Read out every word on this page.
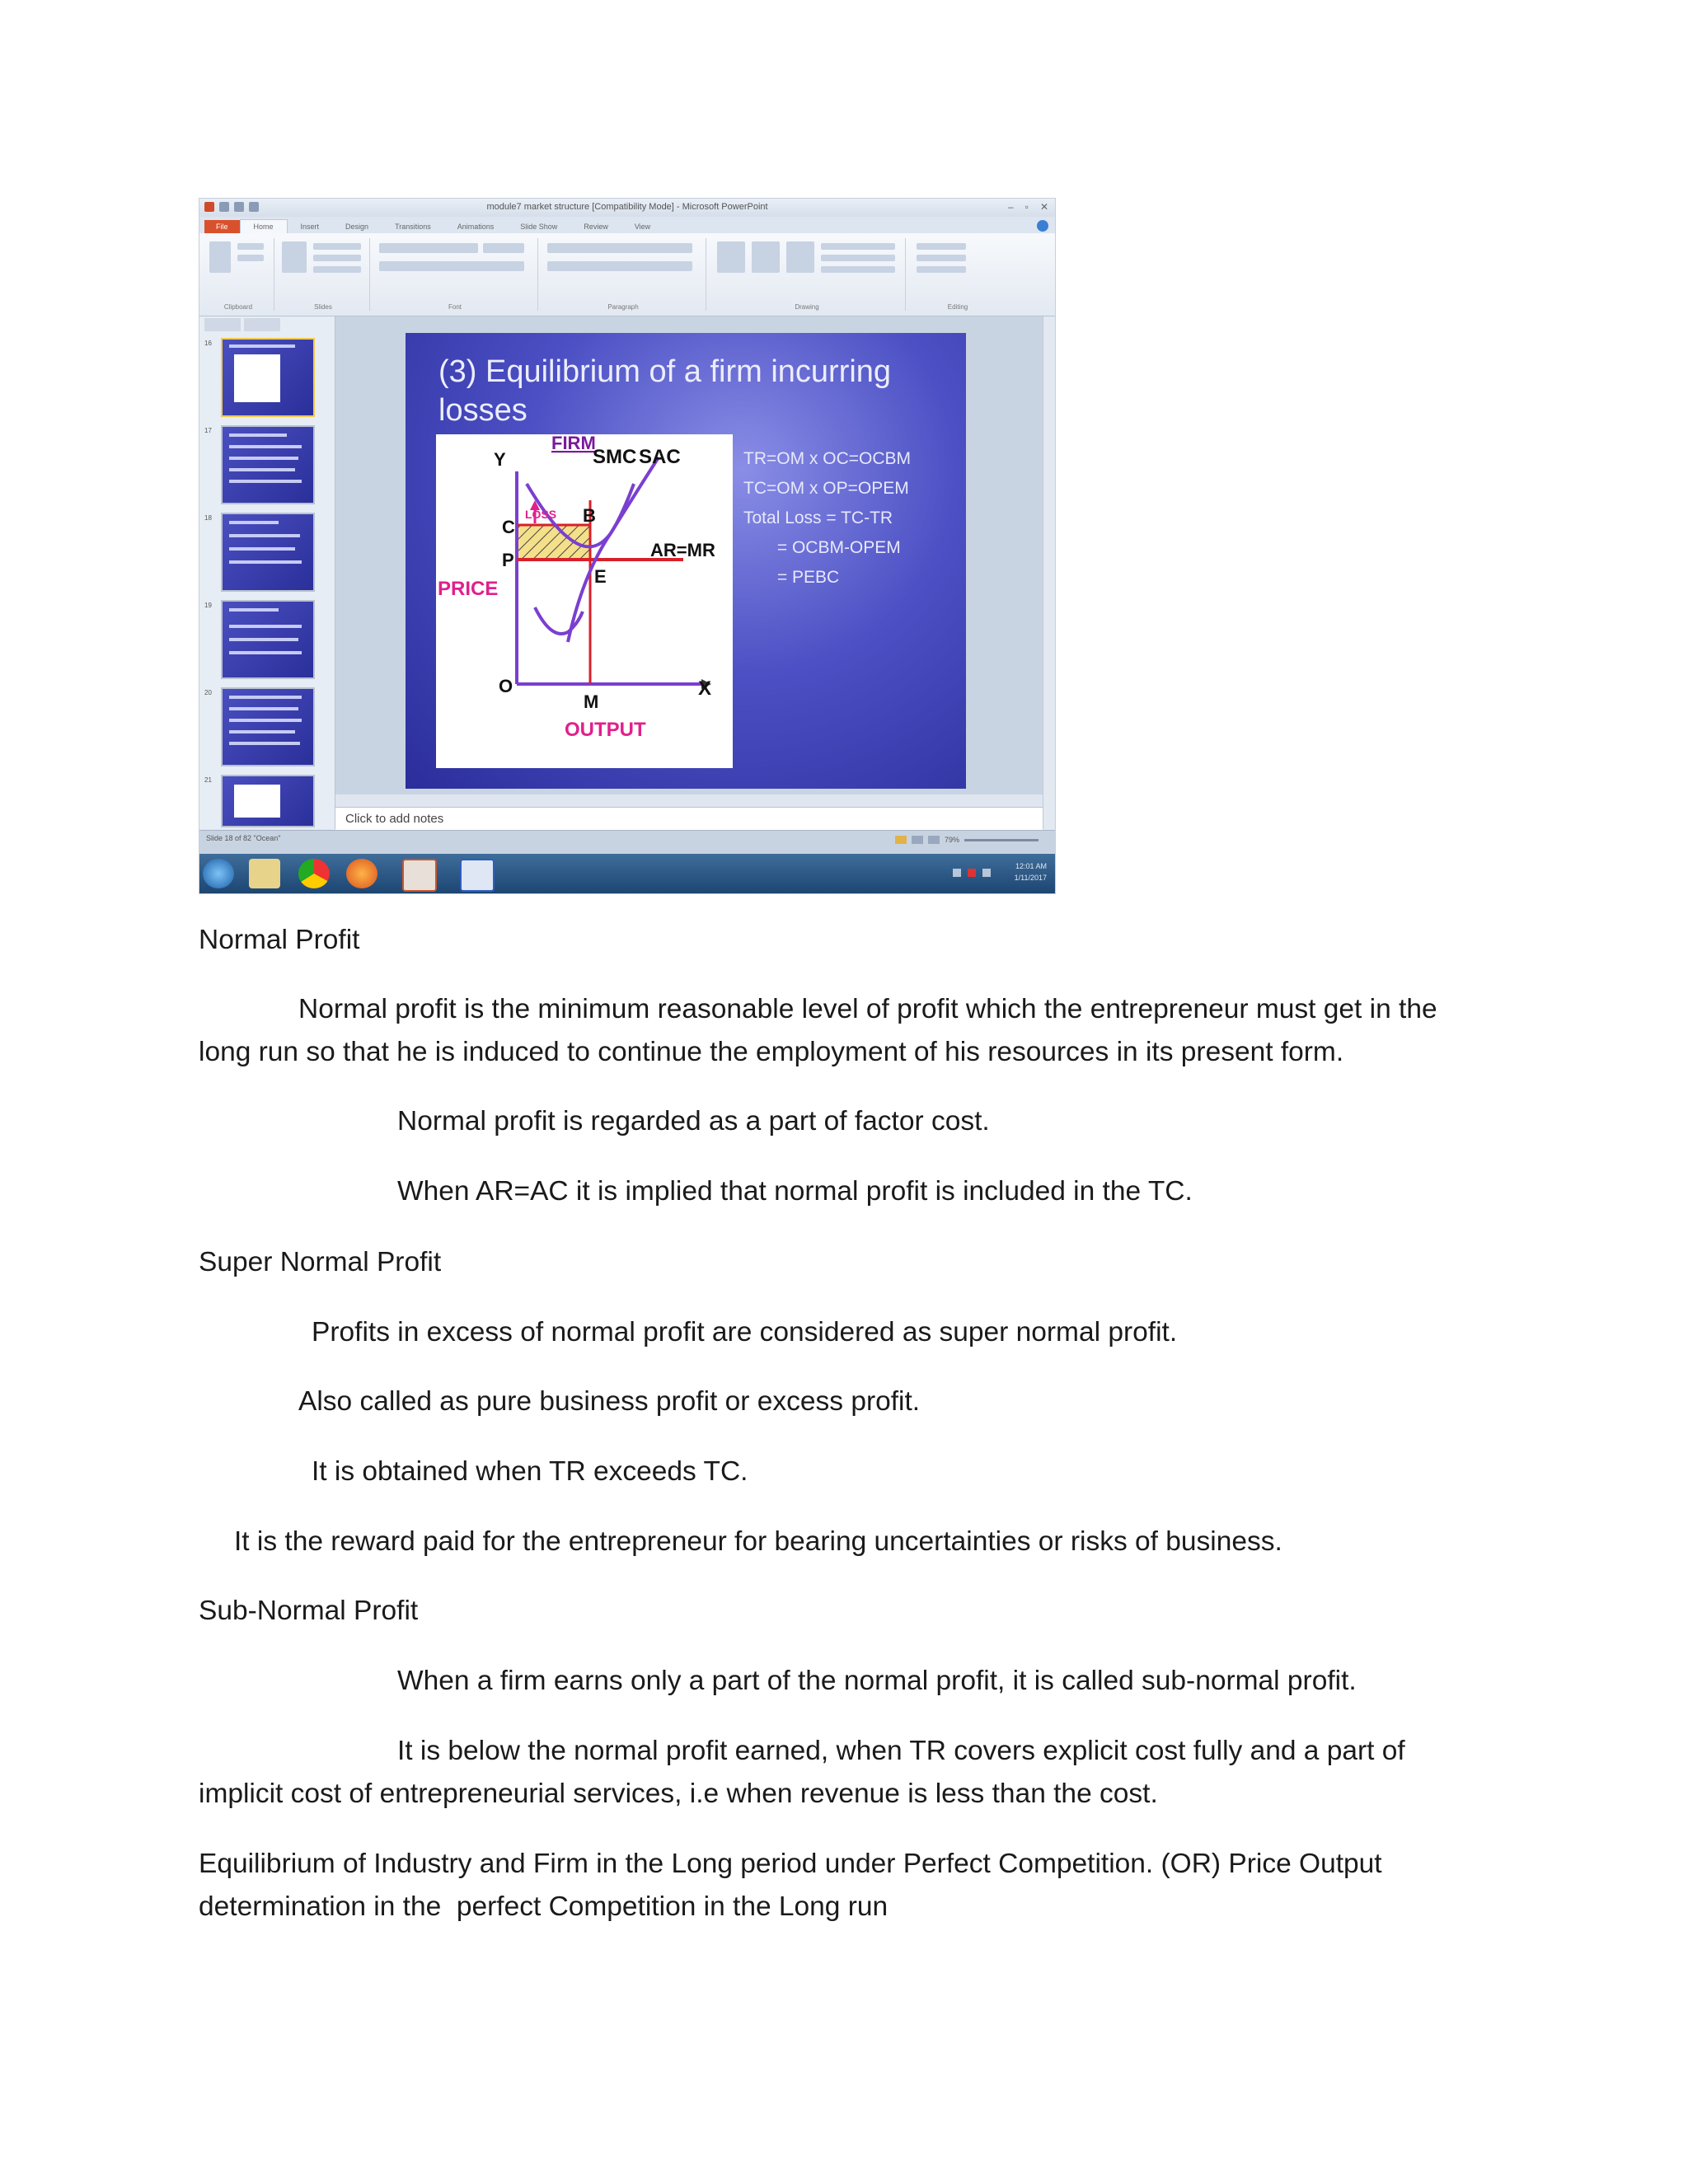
module7 market structure [Compatibility Mode] - Microsoft PowerPoint	– ▫ ✕
File	Home	Insert	Design	Transitions	Animations	Slide Show	Review	View
Clipboard	Slides	Font	Paragraph	Drawing	Editing
16
17
18
19
20
21
(3) Equilibrium of a firm incurring losses
FIRM
SMC SAC
Y
C
P
B
E
LOSS
AR=MR
PRICE
O	X
M
OUTPUT
TR=OM x OC=OCBM
TC=OM x OP=OPEM
Total Loss = TC-TR
= OCBM-OPEM
= PEBC
Click to add notes
Slide 18 of 82 "Ocean"	79%
12:01 AM
1/11/2017
Normal Profit
Normal profit is the minimum reasonable level of profit which the entrepreneur must get in the
long run so that he is induced to continue the employment of his resources in its present form.
Normal profit is regarded as a part of factor cost.
When AR=AC it is implied that normal profit is included in the TC.
Super Normal Profit
Profits in excess of normal profit are considered as super normal profit.
Also called as pure business profit or excess profit.
It is obtained when TR exceeds TC.
It is the reward paid for the entrepreneur for bearing uncertainties or risks of business.
Sub-Normal Profit
When a firm earns only a part of the normal profit, it is called sub-normal profit.
It is below the normal profit earned, when TR covers explicit cost fully and a part of
implicit cost of entrepreneurial services, i.e when revenue is less than the cost.
Equilibrium of Industry and Firm in the Long period under Perfect Competition. (OR) Price Output
determination in the  perfect Competition in the Long run
